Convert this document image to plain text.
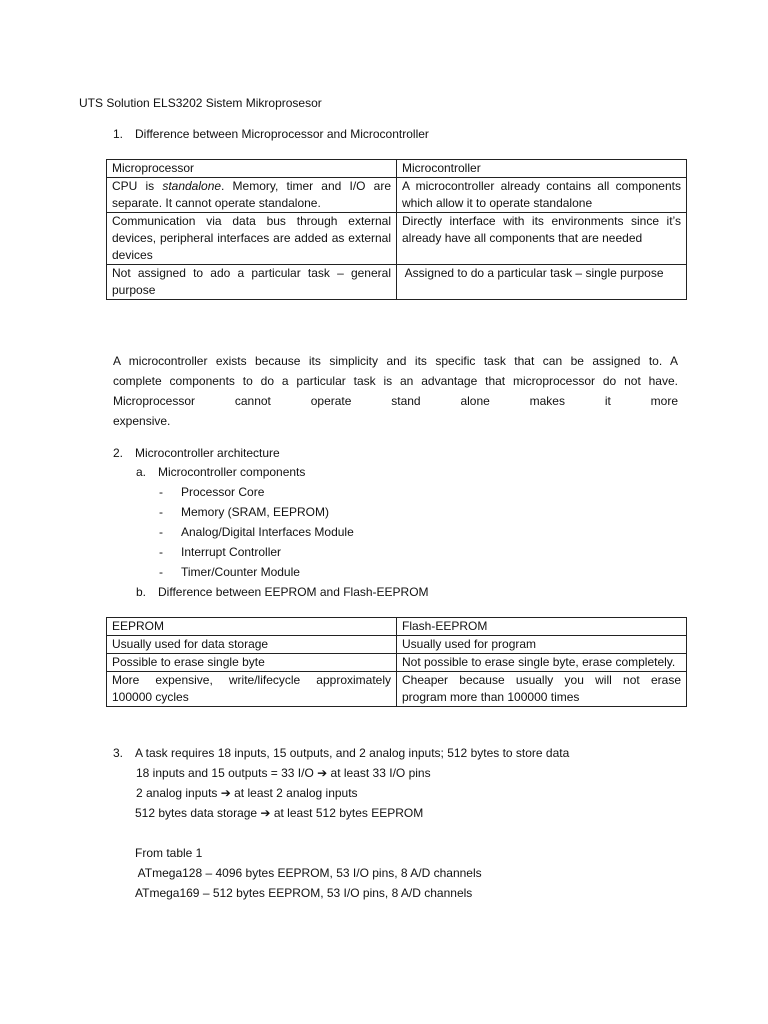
UTS Solution ELS3202 Sistem Mikroprosesor
1. Difference between Microprocessor and Microcontroller
Microprocessor	Microcontroller
CPU is standalone. Memory, timer and I/O are separate. It cannot operate standalone.	A microcontroller already contains all components which allow it to operate standalone
Communication via data bus through external devices, peripheral interfaces are added as external devices	Directly interface with its environments since it’s already have all components that are needed
Not assigned to ado a particular task – general purpose	Assigned to do a particular task – single purpose
A microcontroller exists because its simplicity and its specific task that can be assigned to. A
complete components to do a particular task is an advantage that microprocessor do not have.
Microprocessor cannot operate stand alone makes it more expensive.
2. Microcontroller architecture
a. Microcontroller components
- Processor Core
- Memory (SRAM, EEPROM)
- Analog/Digital Interfaces Module
- Interrupt Controller
- Timer/Counter Module
b. Difference between EEPROM and Flash-EEPROM
EEPROM	Flash-EEPROM
Usually used for data storage	Usually used for program
Possible to erase single byte	Not possible to erase single byte, erase completely.
More expensive, write/lifecycle approximately 100000 cycles	Cheaper because usually you will not erase program more than 100000 times
3. A task requires 18 inputs, 15 outputs, and 2 analog inputs; 512 bytes to store data
18 inputs and 15 outputs = 33 I/O ➔ at least 33 I/O pins
2 analog inputs ➔ at least 2 analog inputs
512 bytes data storage ➔ at least 512 bytes EEPROM
From table 1
ATmega128 – 4096 bytes EEPROM, 53 I/O pins, 8 A/D channels
ATmega169 – 512 bytes EEPROM, 53 I/O pins, 8 A/D channels
